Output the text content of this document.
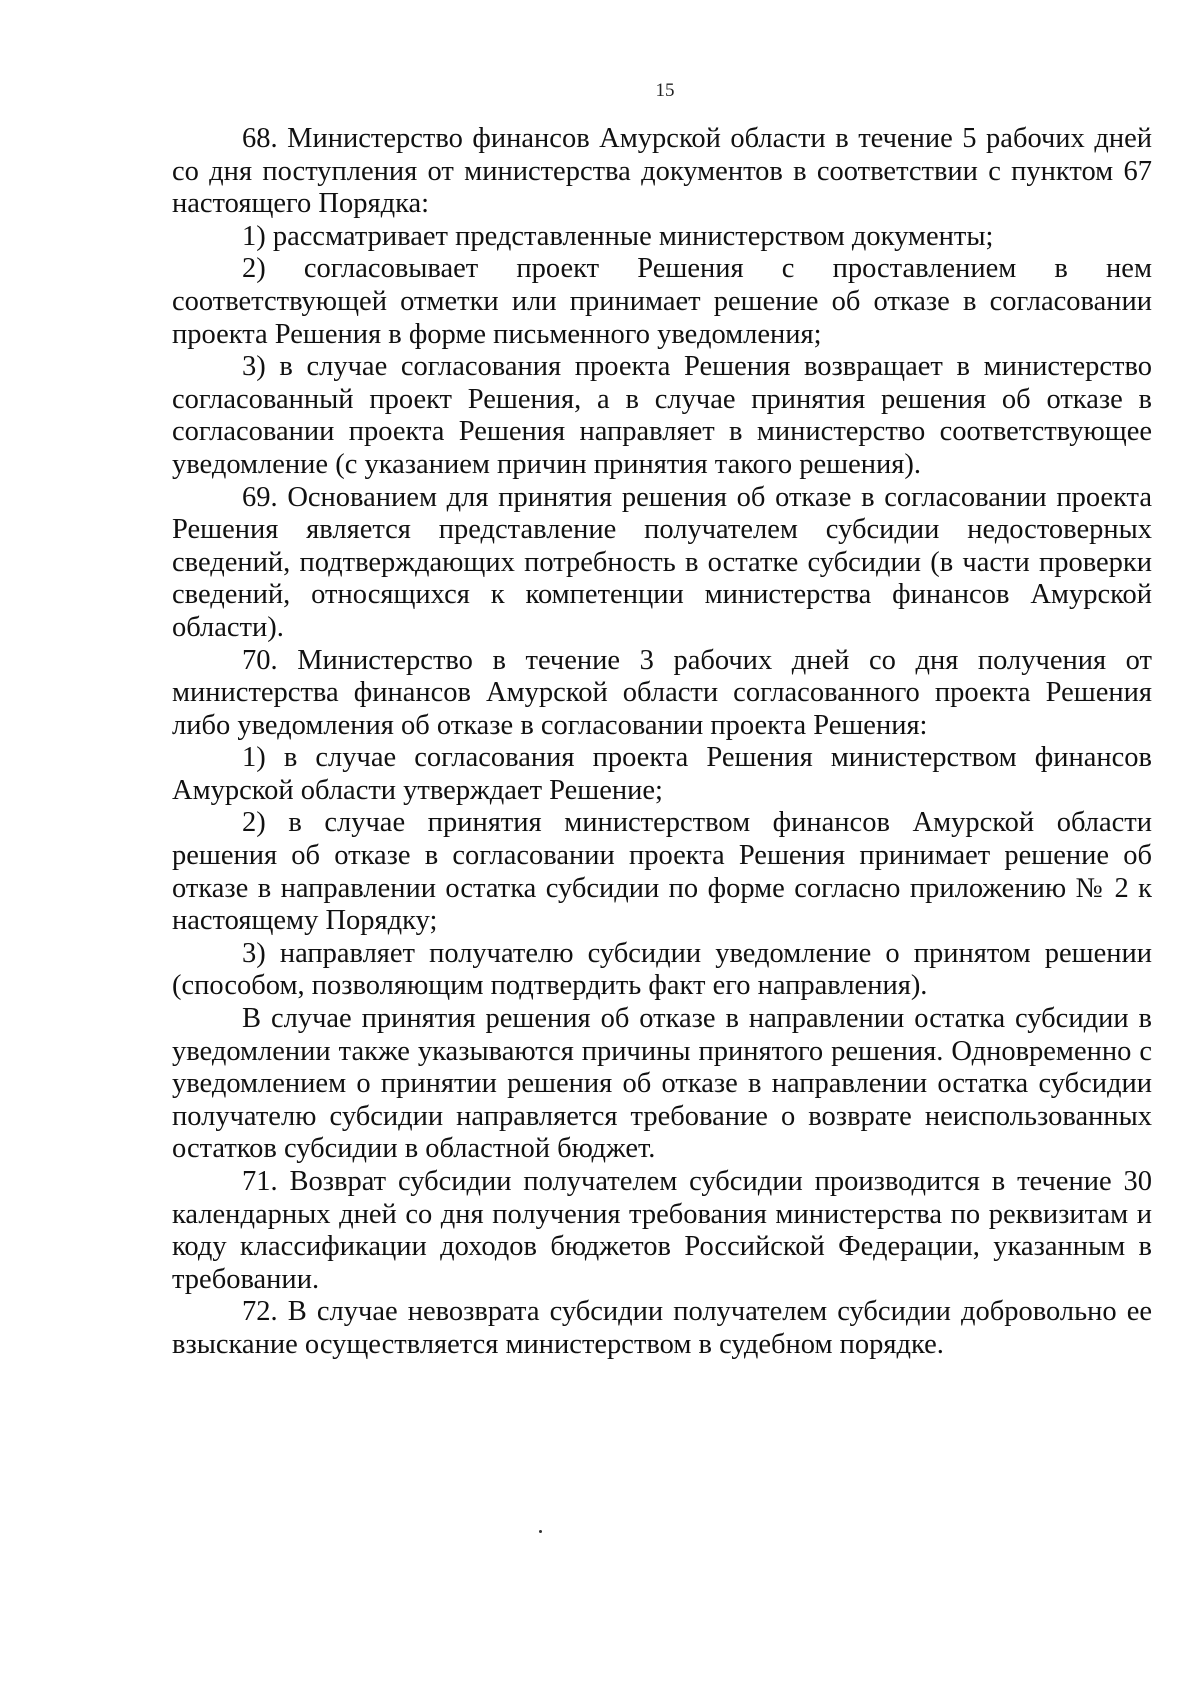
15

68. Министерство финансов Амурской области в течение 5 рабочих дней со дня поступления от министерства документов в соответствии с пунктом 67 настоящего Порядка:

1) рассматривает представленные министерством документы;

2) согласовывает проект Решения с проставлением в нем соответствующей отметки или принимает решение об отказе в согласовании проекта Решения в форме письменного уведомления;

3) в случае согласования проекта Решения возвращает в министерство согласованный проект Решения, а в случае принятия решения об отказе в согласовании проекта Решения направляет в министерство соответствующее уведомление (с указанием причин принятия такого решения).

69. Основанием для принятия решения об отказе в согласовании проекта Решения является представление получателем субсидии недостоверных сведений, подтверждающих потребность в остатке субсидии (в части проверки сведений, относящихся к компетенции министерства финансов Амурской области).

70. Министерство в течение 3 рабочих дней со дня получения от министерства финансов Амурской области согласованного проекта Решения либо уведомления об отказе в согласовании проекта Решения:

1) в случае согласования проекта Решения министерством финансов Амурской области утверждает Решение;

2) в случае принятия министерством финансов Амурской области решения об отказе в согласовании проекта Решения принимает решение об отказе в направлении остатка субсидии по форме согласно приложению № 2 к настоящему Порядку;

3) направляет получателю субсидии уведомление о принятом решении (способом, позволяющим подтвердить факт его направления).

В случае принятия решения об отказе в направлении остатка субсидии в уведомлении также указываются причины принятого решения. Одновременно с уведомлением о принятии решения об отказе в направлении остатка субсидии получателю субсидии направляется требование о возврате неиспользованных остатков субсидии в областной бюджет.

71. Возврат субсидии получателем субсидии производится в течение 30 календарных дней со дня получения требования министерства по реквизитам и коду классификации доходов бюджетов Российской Федерации, указанным в требовании.

72. В случае невозврата субсидии получателем субсидии добровольно ее взыскание осуществляется министерством в судебном порядке.
